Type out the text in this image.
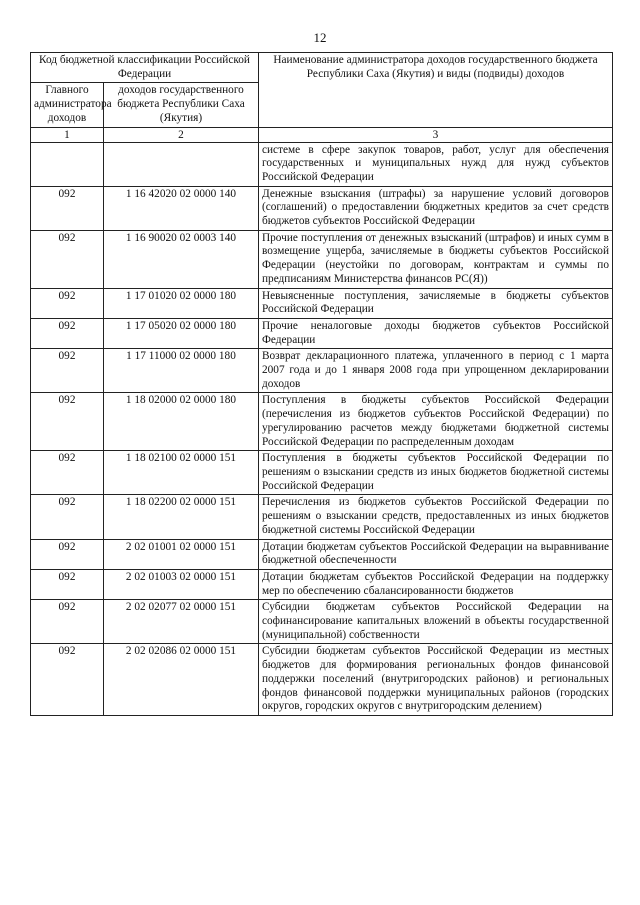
12
Код бюджетной классификации Российской Федерации		Наименование администратора доходов государственного бюджета Республики Саха (Якутия) и виды (подвиды) доходов
Главного администратора доходов	доходов государственного бюджета Республики Саха (Якутия)	
1	2	3
		системе в сфере закупок товаров, работ, услуг для обеспечения государственных и муниципальных нужд для нужд субъектов Российской Федерации
092	1 16 42020 02 0000 140	Денежные взыскания (штрафы) за нарушение условий договоров (соглашений) о предоставлении бюджетных кредитов за счет средств бюджетов субъектов Российской Федерации
092	1 16 90020 02 0003 140	Прочие поступления от денежных взысканий (штрафов) и иных сумм в возмещение ущерба, зачисляемые в бюджеты субъектов Российской Федерации (неустойки по договорам, контрактам и суммы по предписаниям Министерства финансов РС(Я))
092	1 17 01020 02 0000 180	Невыясненные поступления, зачисляемые в бюджеты субъектов Российской Федерации
092	1 17 05020 02 0000 180	Прочие неналоговые доходы бюджетов субъектов Российской Федерации
092	1 17 11000 02 0000 180	Возврат декларационного платежа, уплаченного в период с 1 марта 2007 года и до 1 января 2008 года при упрощенном декларировании доходов
092	1 18 02000 02 0000 180	Поступления в бюджеты субъектов Российской Федерации (перечисления из бюджетов субъектов Российской Федерации) по урегулированию расчетов между бюджетами бюджетной системы Российской Федерации по распределенным доходам
092	1 18 02100 02 0000 151	Поступления в бюджеты субъектов Российской Федерации по решениям о взыскании средств из иных бюджетов бюджетной системы Российской Федерации
092	1 18 02200 02 0000 151	Перечисления из бюджетов субъектов Российской Федерации по решениям о взыскании средств, предоставленных из иных бюджетов бюджетной системы Российской Федерации
092	2 02 01001 02 0000 151	Дотации бюджетам субъектов Российской Федерации на выравнивание бюджетной обеспеченности
092	2 02 01003 02 0000 151	Дотации бюджетам субъектов Российской Федерации на поддержку мер по обеспечению сбалансированности бюджетов
092	2 02 02077 02 0000 151	Субсидии бюджетам субъектов Российской Федерации на софинансирование капитальных вложений в объекты государственной (муниципальной) собственности
092	2 02 02086 02 0000 151	Субсидии бюджетам субъектов Российской Федерации из местных бюджетов для формирования региональных фондов финансовой поддержки поселений (внутригородских районов) и региональных фондов финансовой поддержки муниципальных районов (городских округов, городских округов с внутригородским делением)
